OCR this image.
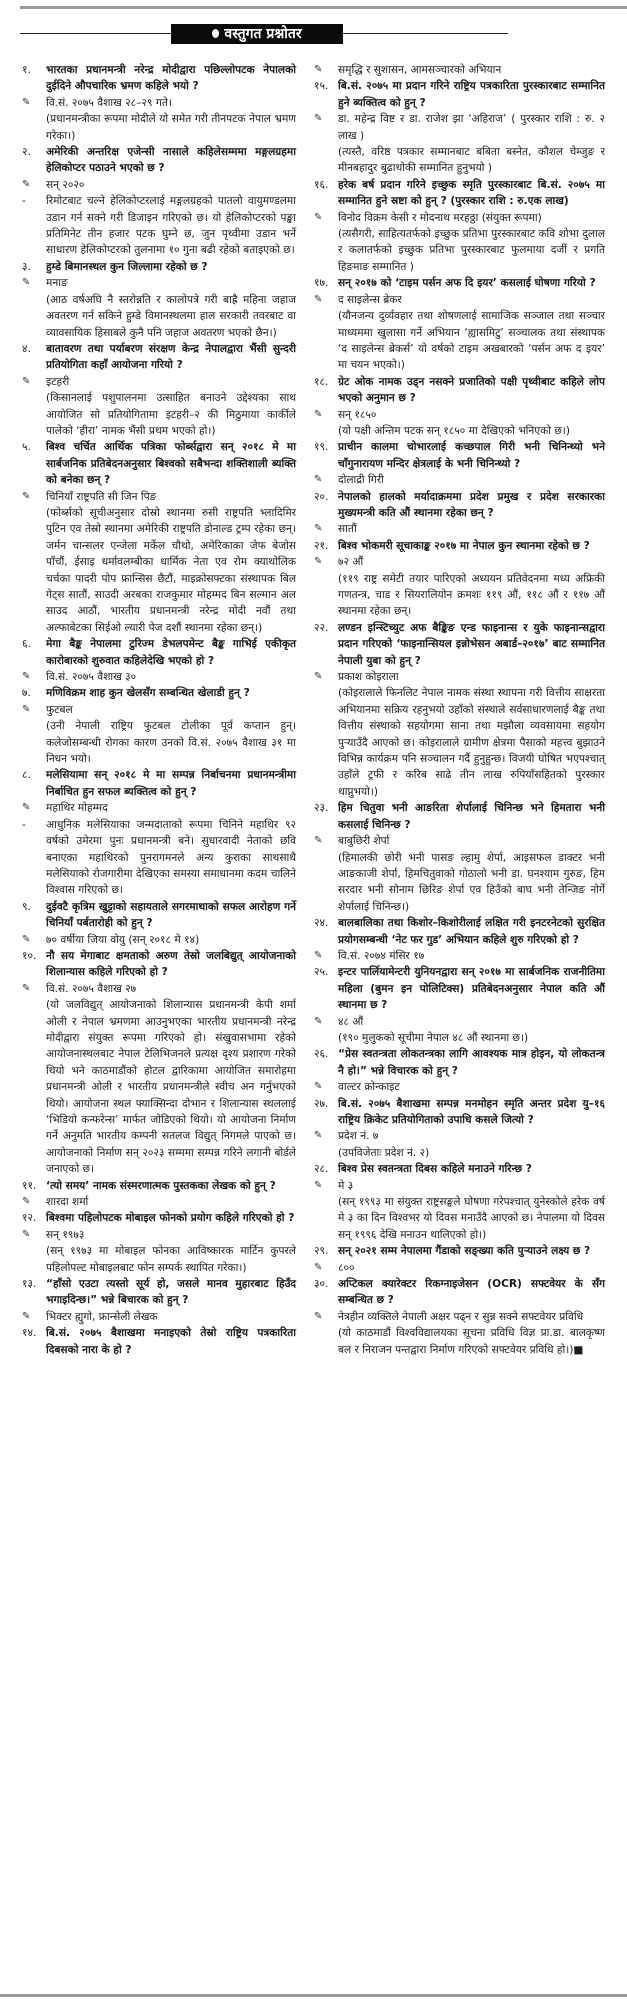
वस्तुगत प्रश्नोतर
१.	भारतका प्रधानमन्त्री नरेन्द्र मोदीद्वारा पछिल्लोपटक नेपालको दुईदिने औपचारिक भ्रमण कहिले भयो ?
✎	वि.सं. २०७५ वैशाख २८–२९ गते।
(प्रधानमन्त्रीका रूपमा मोदीले यो समेत गरी तीनपटक नेपाल भ्रमण गरेका।)
२.	अमेरिकी अन्तरिक्ष एजेन्सी नासाले कहिलेसम्ममा मङ्गलग्रहमा हेलिकोप्टर पठाउने भएको छ ?
✎	सन् २०२०
-	रिमोटबाट चल्ने हेलिकोप्टरलाई मङ्गलग्रहको पातलो वायुमण्डलमा उडान गर्न सक्ने गरी डिजाइन गरिएको छ। यो हेलिकोप्टरको पङ्खा प्रतिमिनेट तीन हजार पटक घुम्ने छ, जुन पृथ्वीमा उडान भर्ने साधारण हेलिकोप्टरको तुलनामा १० गुना बढी रहेको बताइएको छ।
३.	हुम्डे बिमानस्थल कुन जिल्लामा रहेको छ ?
✎	मनाङ
(आठ वर्षअघि नै स्तरोन्नति र कालोपत्रे गरी बाह्रै महिना जहाज अवतरण गर्न सकिने हुम्डे विमानस्थलमा हाल सरकारी तवरबाट वा व्यावसायिक हिसाबले कुनै पनि जहाज अवतरण भएको छैन।)
४.	बातावरण तथा पर्याबरण संरक्षण केन्द्र नेपालद्वारा भैंसी सुन्दरी प्रतियोगिता कहाँ आयोजना गरियो ?
✎	इटहरी
(किसानलाई पशुपालनमा उत्साहित बनाउने उद्देश्यका साथ आयोजित सो प्रतियोगितामा इटहरी–२ की मिठुमाया कार्कीले पालेको ‘हीरा’ नामक भैंसी प्रथम भएको हो।)
५.	बिश्व चर्चित आर्थिक पत्रिका फोर्ब्सद्वारा सन् २०१८ मे मा सार्बजनिक प्रतिबेदनअनुसार बिश्वको सबैभन्दा शक्तिशाली ब्यक्ति को बनेका छन् ?
✎	चिनियाँ राष्ट्रपति सी जिन पिङ
(फोर्ब्सको सूचीअनुसार दोस्रो स्थानमा रुसी राष्ट्रपति भ्लादिमिर पुटिन एव तेस्रो स्थानमा अमेरिकी राष्ट्रपति डोनाल्ड ट्रम्प रहेका छन्। जर्मन चान्सलर एन्जेला मर्केल चौथो, अमेरिकाका जेफ बेजोस पाँचौं, ईसाइ धर्मावलम्बीका धार्मिक नेता एव रोम क्याथोलिक चर्चका पादरी पोप फ्रान्सिस छैटौं, माइक्रोसफ्टका संस्थापक बिल गेट्स सातौं, साउदी अरबका राजकुमार मोहम्मद बिन सल्मान अल साउद आठौं, भारतीय प्रधानमन्त्री नरेन्द्र मोदी नवौं तथा अल्फाबेटका सिईओ ल्यारी पेज दशौं स्थानमा रहेका छन्।)
६.	मेगा बैङ्क नेपालमा टुरिज्म डेभलपमेन्ट बैङ्क गाभिई एकीकृत कारोबारको शुरुवात कहिलेदेखि भएको हो ?
✎	वि.सं. २०७५ वैशाख ३०
७.	मणिविक्रम शाह कुन खेलसँग सम्बन्धित खेलाडी हुन् ?
✎	फुटबल
(उनी नेपाली राष्ट्रिय फुटबल टोलीका पूर्व कप्तान हुन्। कलेजोसम्बन्धी रोगका कारण उनको वि.सं. २०७५ वैशाख ३१ मा निधन भयो।
८.	मलेसियामा सन् २०१८ मे मा सम्पन्न निर्बाचनमा प्रधानमन्त्रीमा निर्बाचित हुन सफल ब्यक्तित्व को हुन् ?
✎	महाथिर मोहम्मद
-	आधुनिक मलेसियाका जन्मदाताको रूपमा चिनिने महाथिर ९२ वर्षको उमेरमा पुनः प्रधानमन्त्री बने। सुधारवादी नेताको छवि बनाएका महाथिरको पुनरागमनले अन्य कुराका साथसाथै मलेसियाको रोजगारीमा देखिएका समस्या समाधानमा कदम चालिने विश्वास गरिएको छ।
९.	दुईवटै कृत्रिम खुट्टाको सहायताले सगरमाथाको सफल आरोहण गर्ने चिनियाँ पर्बतारोही को हुन् ?
✎	७० वर्षीया जिया वोयु (सन् २०१८ मे १४)
१०. नौ सय मेगाबाट क्षमताको अरुण तेस्रो जलबिद्युत् आयोजनाको शिलान्यास कहिले गरिएको हो ?
✎	वि.सं. २०७५ वैशाख २७
(यो जलविद्युत् आयोजनाको शिलान्यास प्रधानमन्त्री केपी शर्मा ओली र नेपाल भ्रमणमा आउनुभएका भारतीय प्रधानमन्त्री नरेन्द्र मोदीद्वारा संयुक्त रूपमा गरिएको हो। संखुवासभामा रहेको आयोजनास्थलबाट नेपाल टेलिभिजनले प्रत्यक्ष दृश्य प्रशारण गरेको थियो भने काठमाडौंको होटल द्वारिकामा आयोजित समारोहमा प्रधानमन्त्री ओली र भारतीय प्रधानमन्त्रीले स्वीच अन गर्नुभएको थियो। आयोजना स्थल फ्याक्सिन्दा दोभान र शिलान्यास स्थललाई ‘भिडियो कन्फरेन्स’ मार्फत जोडिएको थियो। यो आयोजना निर्माण गर्ने अनुमति भारतीय कम्पनी सतलज विद्युत् निगमले पाएको छ। आयोजनाको निर्माण सन् २०२३ सम्ममा सम्पन्न गरिने लगानी बोर्डले जनाएको छ।
११. ‘त्यो समय’ नामक संस्मरणात्मक पुस्तकका लेखक को हुन् ?
✎	शारदा शर्मा
१२. बिश्वमा पहिलोपटक मोबाइल फोनको प्रयोग कहिले गरिएको हो ?
✎	सन् १९७३
(सन् १९७३ मा मोबाइल फोनका आविष्कारक मार्टिन कुपरले पहिलोपल्ट मोबाइलबाट फोन सम्पर्क स्थापित गरेका।)
१३. “हाँसो एउटा त्यस्तो सूर्य हो, जसले मानव मुहारबाट हिउँद भगाइदिन्छ।” भन्ने बिचारक को हुन् ?
✎	भिक्टर ह्युगो, फ्रान्सेली लेखक
१४. बि.सं. २०७५ बैशाखमा मनाइएको तेस्रो राष्ट्रिय पत्रकारिता दिबसको नारा के हो ?
✎	समृद्धि र सुशासन, आमसञ्चारको अभियान
१५. बि.सं. २०७५ मा प्रदान गरिने राष्ट्रिय पत्रकारिता पुरस्कारबाट सम्मानित हुने ब्यक्तित्व को हुन् ?
✎	डा. महेन्द्र विष्ट र डा. राजेश झा ‘अहिराज’ ( पुरस्कार राशि : रु. २ लाख )
(त्यस्तै, वरिष्ठ पत्रकार सम्मानबाट बबिता बस्नेत, कौशल चेम्जुङ र मीनबहादुर बुढाथोकी सम्मानित हुनुभयो )
१६. हरेक बर्ष प्रदान गरिने इच्छुक स्मृति पुरस्कारबाट बि.सं. २०७५ मा सम्मानित हुने स्रष्टा को हुन् ? (पुरस्कार राशि : रु.एक लाख)
✎	विनोद विक्रम केसी र मोदनाथ मरहठ्ठा (संयुक्त रूपमा)
(त्यसैगरी, साहित्यतर्फको इच्छुक प्रतिभा पुरस्कारबाट कवि शोभा दुलाल र कलातर्फको इच्छुक प्रतिभा पुरस्कारबाट फुलमाया दर्जी र प्रगति हिङमाङ सम्मानित )
१७. सन् २०१७ को ‘टाइम पर्सन अफ दि इयर’ कसलाई घोषणा गरियो ?
✎	द साइलेन्स ब्रेकर
(यौनजन्य दुर्व्यवहार तथा शोषणलाई सामाजिक सञ्जाल तथा सञ्चार माध्यममा खुलासा गर्ने अभियान ‘ह्यासमिटु’ सञ्चालक तथा संस्थापक ‘द साइलेन्स ब्रेकर्स’ यो वर्षको टाइम अखबारको ‘पर्सन अफ द इयर’ मा चयन भएको।)
१८. ग्रेट ओक नामक उड्न नसक्ने प्रजातिको पक्षी पृथ्वीबाट कहिले लोप भएको अनुमान छ ?
✎	सन् १८५०
(यो पक्षी अन्तिम पटक सन् १८५० मा देखिएको भनिएको छ।)
१९. प्राचीन कालमा चोभारलाई कच्छपाल गिरी भनी चिनिन्थ्यो भने चाँगुनारायण मन्दिर क्षेत्रलाई के भनी चिनिन्थ्यो ?
✎	दोलाद्री गिरी
२०. नेपालको हालको मर्यादाक्रममा प्रदेश प्रमुख र प्रदेश सरकारका मुख्यमन्त्री कति औं स्थानमा रहेका छन् ?
✎	सातौं
२१. बिश्व भोकमरी सूचाकाङ्क २०१७ मा नेपाल कुन स्थानमा रहेको छ ?
✎	७२ औं
(११९ राष्ट्र समेटी तयार पारिएको अध्ययन प्रतिवेदनमा मध्य अफ्रिकी गणतन्त्र, चाड र सियरालियोन क्रमशः ११९ औं, ११८ औं र ११७ औं स्थानमा रहेका छन्।
२२. लण्डन इन्स्टिच्युट अफ बैङ्किङ एन्ड फाइनान्स र युके फाइनान्सद्वारा प्रदान गरिएको ‘फाइनान्सियल इन्नोभेसन अबार्ड–२०१७’ बाट सम्मानित नेपाली युबा को हुन् ?
✎	प्रकाश कोइराला
(कोइरालाले फिनलिट नेपाल नामक संस्था स्थापना गरी वित्तीय साक्षरता अभियानमा सक्रिय रहनुभयो उहाँको संस्थाले सर्वसाधारणलाई बैङ्क तथा वित्तीय संस्थाको सहयोगमा साना तथा मझौला व्यवसायमा सहयोग पुऱ्याउँदै आएको छ। कोइरालाले ग्रामीण क्षेत्रमा पैसाको महत्त्व बुझाउने विभिन्न कार्यक्रम पनि सञ्चालन गर्दै हुनुहुन्छ। विजयी घोषित भएपश्चात् उहाँले ट्रफी र करिब साढे तीन लाख रुपियाँसहितको पुरस्कार थाप्नुभयो।)
२३. हिम चितुवा भनी आङरिता शेर्पालाई चिनिन्छ भने हिमतारा भनी कसलाई चिनिन्छ ?
✎	बाबुछिरी शेर्पा
(हिमालकी छोरी भनी पासङ ल्हामु शेर्पा, आइसफल डाक्टर भनी आङकाजी शेर्पा, हिमचितुवाको गोठालो भनी डा. घनश्याम गुरुङ, हिम सरदार भनी सोनाम छिरिङ शेर्पा एव हिउँको बाघ भनी तेन्जिङ नोर्गे शेर्पालाई चिनिन्छ।)
२४. बालबालिका तथा किशोर–किशोरीलाई लक्षित गरी इनटरनेटको सुरक्षित प्रयोगसम्बन्धी ‘नेट फर गुड’ अभियान कहिले शुरु गरिएको हो ?
✎	वि.सं. २०७४ मंसिर १७
२५. इन्टर पार्लियामेन्टरी युनियनद्वारा सन् २०१७ मा सार्बजनिक राजनीतिमा महिला (बुमन इन पोलिटिक्स) प्रतिबेदनअनुसार नेपाल कति औं स्थानमा छ ?
✎	४८ औं
(१९० मुलुकको सूचीमा नेपाल ४८ औं स्थानमा छ।)
२६. “प्रेस स्वतन्त्रता लोकतन्त्रका लागि आवश्यक मात्र होइन, यो लोकतन्त्र नै हो।” भन्ने विचारक को हुन् ?
✎	वाल्टर क्रोन्काइट
२७. बि.सं. २०७५ बैशाखमा सम्पन्न मनमोहन स्मृति अन्तर प्रदेश यु–१६ राष्ट्रिय क्रिकेट प्रतियोगिताको उपाधि कसले जित्यो ?
✎	प्रदेश नं. ७
(उपविजेताः प्रदेश नं. २)
२८. बिश्व प्रेस स्वतन्त्रता दिबस कहिले मनाउने गरिन्छ ?
✎	मे ३
(सन् १९९३ मा संयुक्त राष्ट्रसङ्घले घोषणा गरेपश्चात् युनेस्कोले हरेक वर्ष मे ३ का दिन विश्वभर यो दिवस मनाउँदै आएको छ। नेपालमा यो दिवस सन् १९९६ देखि मनाउन थालिएको हो।)
२९. सन् २०२१ सम्म नेपालमा गैंडाको सङ्ख्या कति पुऱ्याउने लक्ष्य छ ?
✎	८००
३०. अप्टिकल क्यारेक्टर रिकग्नाइजेसन (OCR) सफ्टवेयर के सँग सम्बन्धित छ ?
✎	नेत्रहीन व्यक्तिले नेपाली अक्षर पढ्न र सुन्न सक्ने सफ्टवेयर प्रविधि
(यो काठमाडौं विश्वविद्यालयका सूचना प्रविधि विज्ञ प्रा.डा. बालकृष्ण बल र निराजन पन्तद्वारा निर्माण गरिएको सफ्टवेयर प्रविधि हो।)■
